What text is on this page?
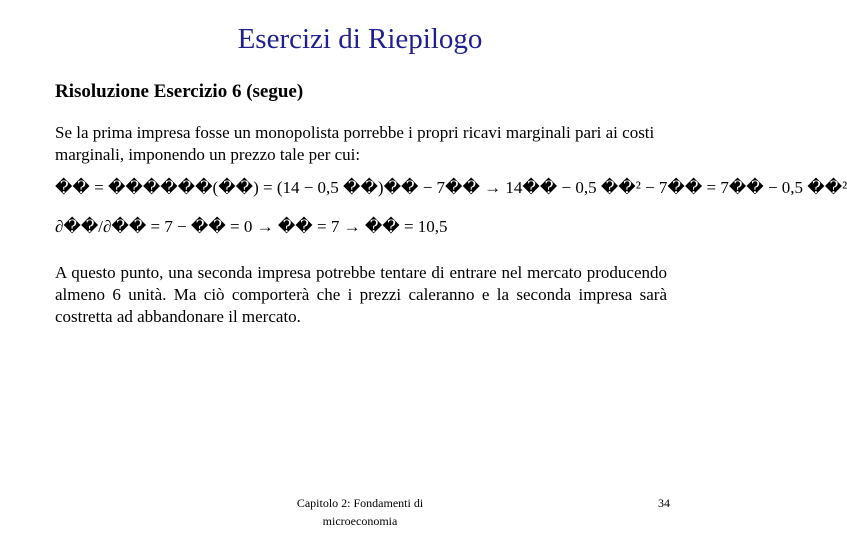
Esercizi di Riepilogo
Risoluzione Esercizio 6 (segue)
Se la prima impresa fosse un monopolista porrebbe i propri ricavi marginali pari ai costi marginali, imponendo un prezzo tale per cui:
�� = ������(��) = (14 − 0,5 ��)�� − 7�� → 14�� − 0,5 ��² − 7�� = 7�� − 0,5 ��²
∂��/∂�� = 7 − �� = 0 → �� = 7 → �� = 10,5
A questo punto, una seconda impresa potrebbe tentare di entrare nel mercato producendo almeno 6 unità. Ma ciò comporterà che i prezzi caleranno e la seconda impresa sarà costretta ad abbandonare il mercato.
Capitolo 2: Fondamenti di microeconomia
34
